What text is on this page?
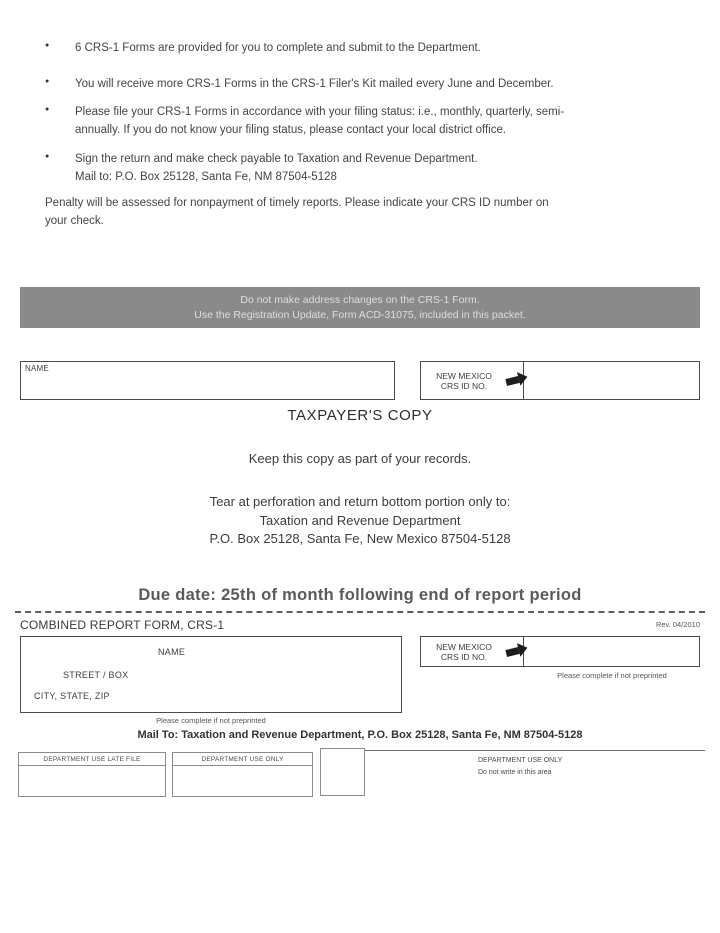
● 6 CRS-1 Forms are provided for you to complete and submit to the Department.
● You will receive more CRS-1 Forms in the CRS-1 Filer's Kit mailed every June and December.
● Please file your CRS-1 Forms in accordance with your filing status: i.e., monthly, quarterly, semi-
annually. If you do not know your filing status, please contact your local district office.
● Sign the return and make check payable to Taxation and Revenue Department.
Mail to: P.O. Box 25128, Santa Fe, NM 87504-5128
Penalty will be assessed for nonpayment of timely reports. Please indicate your CRS ID number on
your check.
Do not make address changes on the CRS-1 Form.
Use the Registration Update, Form ACD-31075, included in this packet.
NAME
NEW MEXICO
CRS ID NO.
TAXPAYER'S COPY
Keep this copy as part of your records.
Tear at perforation and return bottom portion only to:
Taxation and Revenue Department
P.O. Box 25128, Santa Fe, New Mexico 87504-5128
Due date: 25th of month following end of report period
COMBINED REPORT FORM, CRS-1	Rev. 04/2010
NAME
STREET / BOX
CITY, STATE, ZIP
Please complete if not preprinted
NEW MEXICO
CRS ID NO.
Please complete if not preprinted
Mail To: Taxation and Revenue Department, P.O. Box 25128, Santa Fe, NM 87504-5128
DEPARTMENT USE LATE FILE	DEPARTMENT USE ONLY	DEPARTMENT USE ONLY
Do not write in this area
